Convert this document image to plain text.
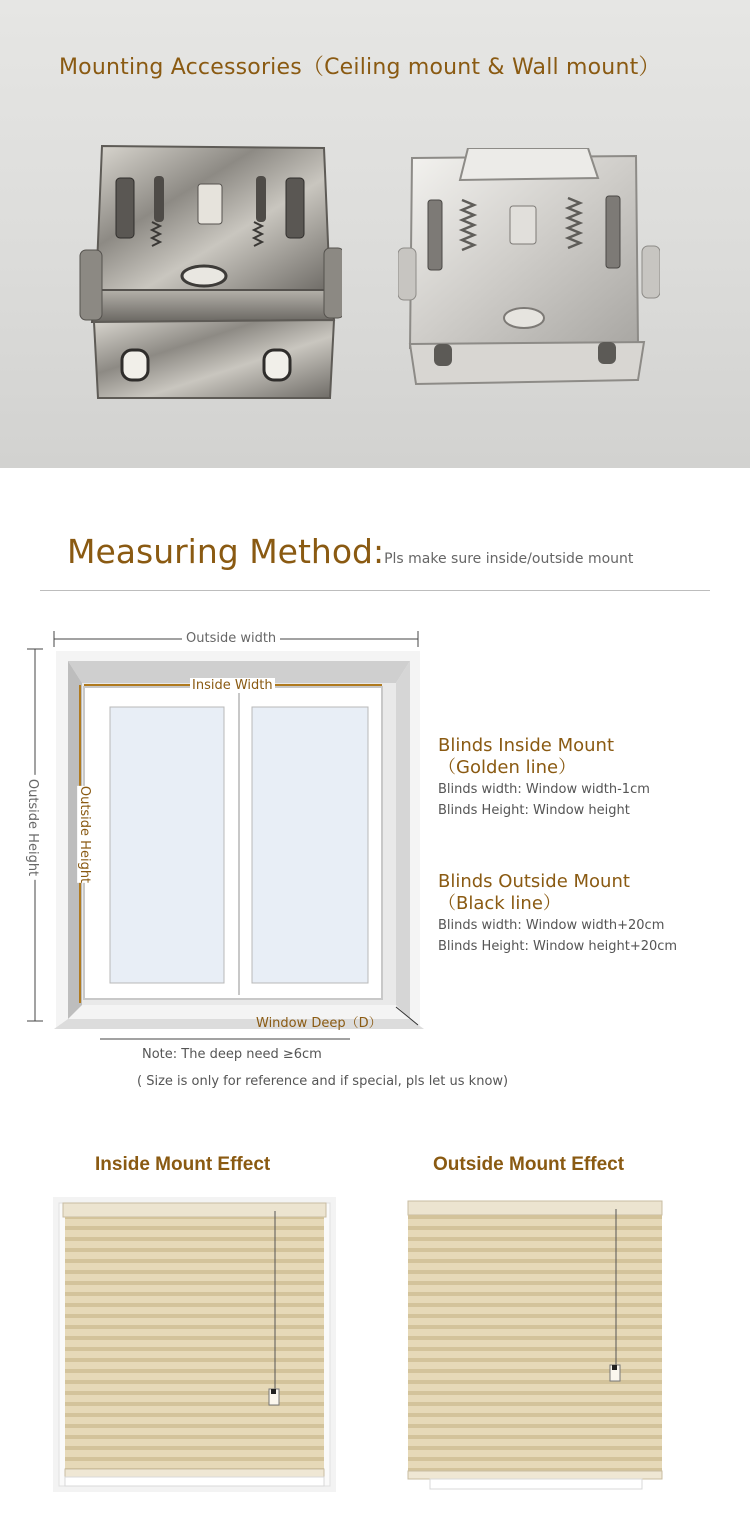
Mounting Accessories（Ceiling mount & Wall mount）
Measuring Method:Pls make sure inside/outside mount
Outside width
Inside Width
Outside Height	Outside Height
Window Deep（D）
Blinds Inside Mount
（Golden line）

Blinds width: Window width-1cm

Blinds Height: Window height

Blinds Outside Mount
（Black line）

Blinds width: Window width+20cm

Blinds Height: Window height+20cm

Note: The deep need ≥6cm
( Size is only for reference and if special, pls let us know)
Inside Mount Effect	Outside Mount Effect
